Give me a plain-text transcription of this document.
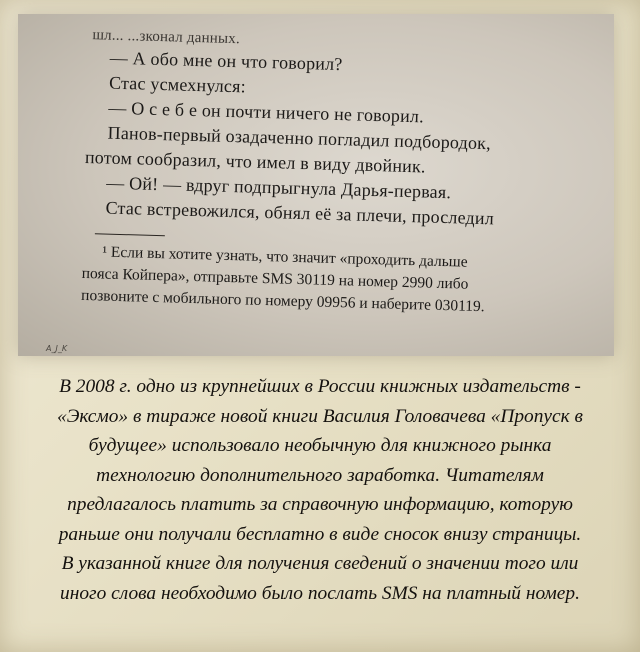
шл... ...зконал данных.
— А обо мне он что говорил?
Стас усмехнулся:
— О с е б е он почти ничего не говорил.
Панов-первый озадаченно погладил подбородок,
потом сообразил, что имел в виду двойник.
— Ой! — вдруг подпрыгнула Дарья-первая.
Стас встревожился, обнял её за плечи, проследил
¹ Если вы хотите узнать, что значит «проходить дальше
пояса Койпера», отправьте SMS 30119 на номер 2990 либо
позвоните с мобильного по номеру 09956 и наберите 030119.
A_J_K
В 2008 г. одно из крупнейших в России книжных издательств -
«Эксмо» в тираже новой книги Василия Головачева «Пропуск в
будущее» использовало необычную для книжного рынка
технологию дополнительного заработка. Читателям
предлагалось платить за справочную информацию, которую
раньше они получали бесплатно в виде сносок внизу страницы.
В указанной книге для получения сведений о значении того или
иного слова необходимо было послать SMS на платный номер.
